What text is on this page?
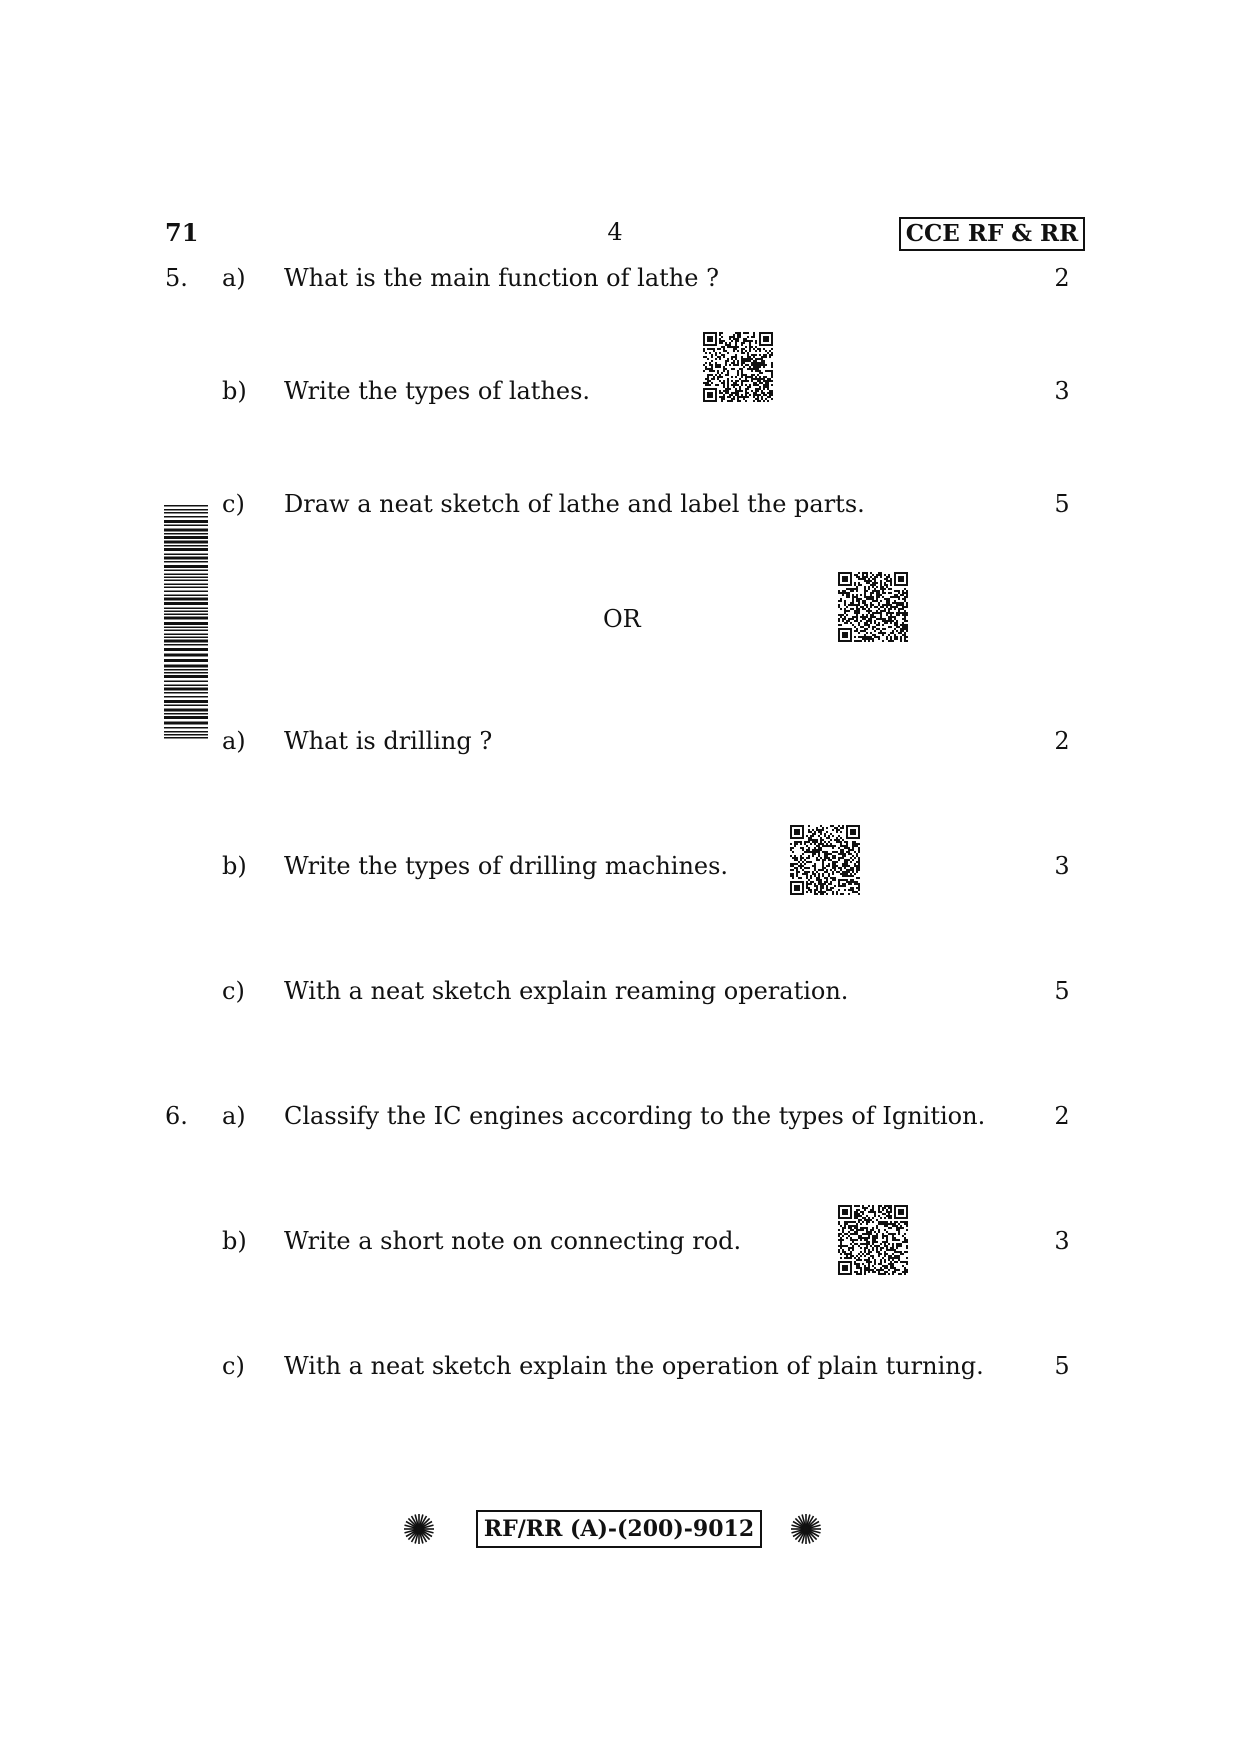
71	4	CCE RF & RR
5. a) What is the main function of lathe ?	2
b) Write the types of lathes.	3
c) Draw a neat sketch of lathe and label the parts.	5
OR
a) What is drilling ?	2
b) Write the types of drilling machines.	3
c) With a neat sketch explain reaming operation.	5
6. a) Classify the IC engines according to the types of Ignition.	2
b) Write a short note on connecting rod.	3
c) With a neat sketch explain the operation of plain turning.	5
RF/RR (A)-(200)-9012
